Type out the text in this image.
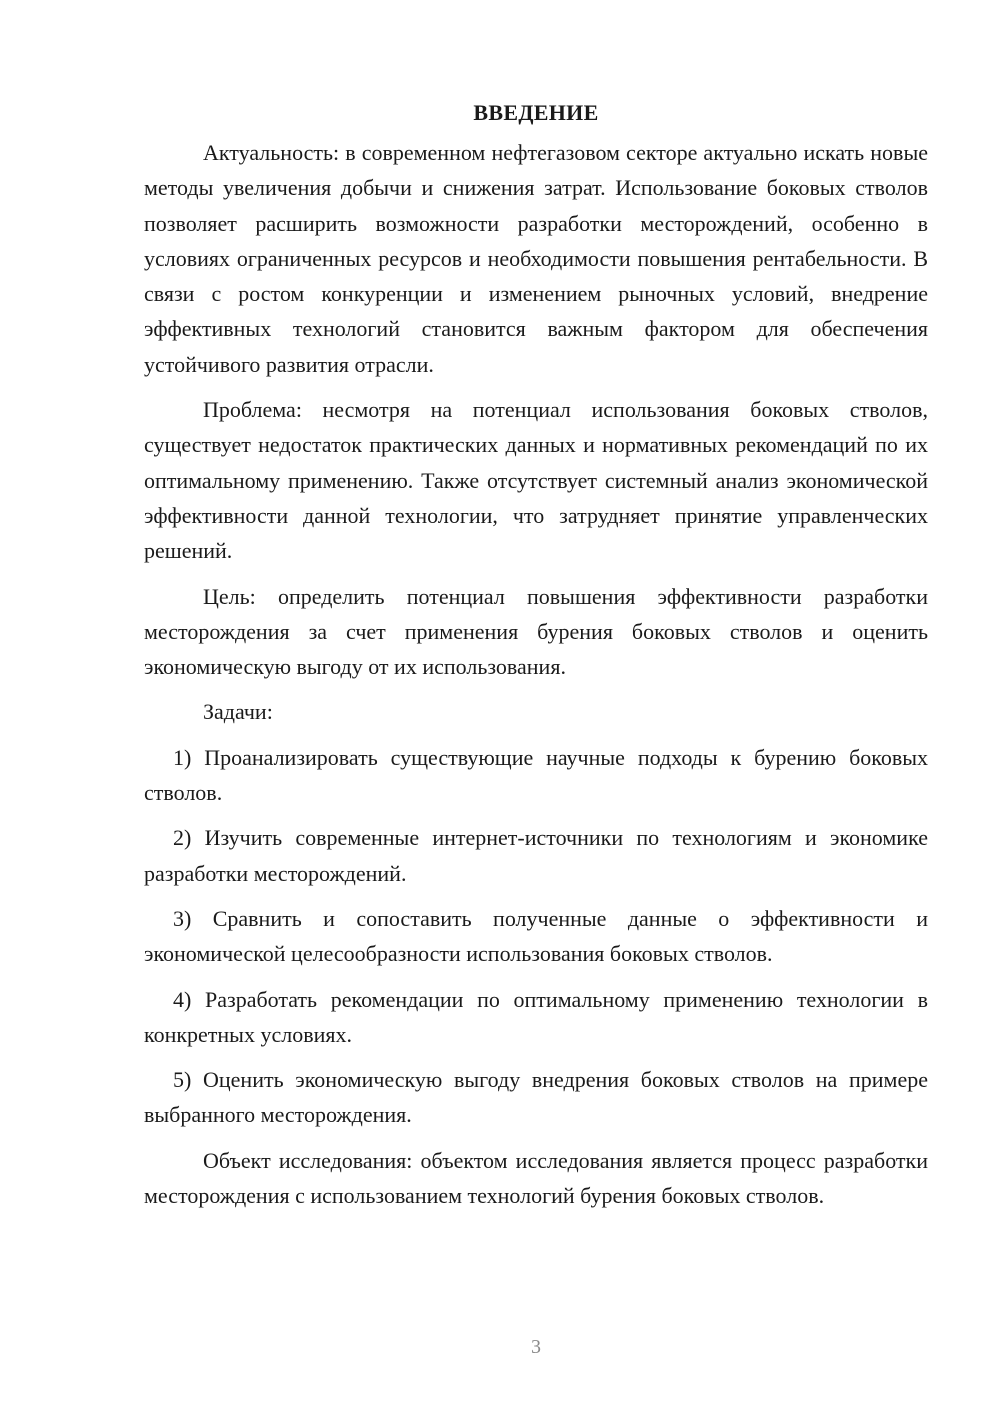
ВВЕДЕНИЕ

Актуальность: в современном нефтегазовом секторе актуально искать новые методы увеличения добычи и снижения затрат. Использование боковых стволов позволяет расширить возможности разработки месторождений, особенно в условиях ограниченных ресурсов и необходимости повышения рентабельности. В связи с ростом конкуренции и изменением рыночных условий, внедрение эффективных технологий становится важным фактором для обеспечения устойчивого развития отрасли.

Проблема: несмотря на потенциал использования боковых стволов, существует недостаток практических данных и нормативных рекомендаций по их оптимальному применению. Также отсутствует системный анализ экономической эффективности данной технологии, что затрудняет принятие управленческих решений.

Цель: определить потенциал повышения эффективности разработки месторождения за счет применения бурения боковых стволов и оценить экономическую выгоду от их использования.

Задачи:

1) Проанализировать существующие научные подходы к бурению боковых стволов.

2) Изучить современные интернет-источники по технологиям и экономике разработки месторождений.

3) Сравнить и сопоставить полученные данные о эффективности и экономической целесообразности использования боковых стволов.

4) Разработать рекомендации по оптимальному применению технологии в конкретных условиях.

5) Оценить экономическую выгоду внедрения боковых стволов на примере выбранного месторождения.

Объект исследования: объектом исследования является процесс разработки месторождения с использованием технологий бурения боковых стволов.

3
